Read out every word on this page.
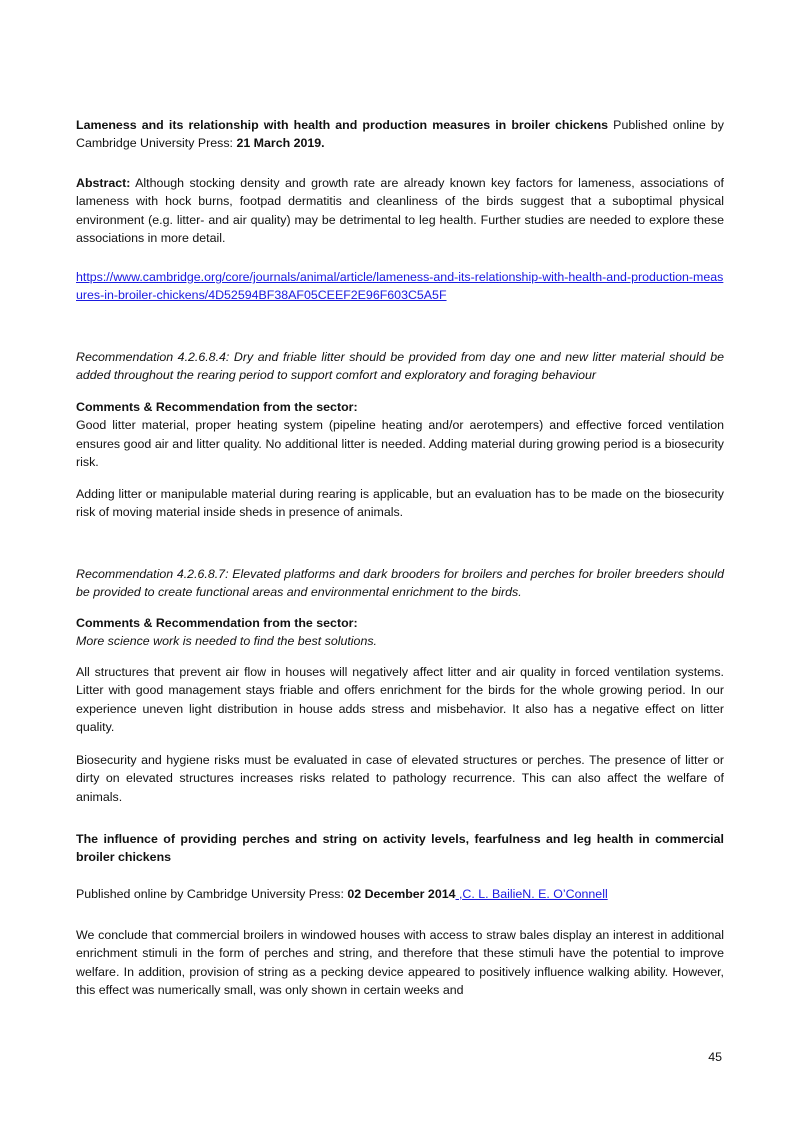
Lameness and its relationship with health and production measures in broiler chickens Published online by Cambridge University Press: 21 March 2019.
Abstract: Although stocking density and growth rate are already known key factors for lameness, associations of lameness with hock burns, footpad dermatitis and cleanliness of the birds suggest that a suboptimal physical environment (e.g. litter- and air quality) may be detrimental to leg health. Further studies are needed to explore these associations in more detail.
https://www.cambridge.org/core/journals/animal/article/lameness-and-its-relationship-with-health-and-production-measures-in-broiler-chickens/4D52594BF38AF05CEEF2E96F603C5A5F
Recommendation 4.2.6.8.4: Dry and friable litter should be provided from day one and new litter material should be added throughout the rearing period to support comfort and exploratory and foraging behaviour

Comments & Recommendation from the sector:

Good litter material, proper heating system (pipeline heating and/or aerotempers) and effective forced ventilation ensures good air and litter quality. No additional litter is needed. Adding material during growing period is a biosecurity risk.

Adding litter or manipulable material during rearing is applicable, but an evaluation has to be made on the biosecurity risk of moving material inside sheds in presence of animals.

Recommendation 4.2.6.8.7: Elevated platforms and dark brooders for broilers and perches for broiler breeders should be provided to create functional areas and environmental enrichment to the birds.

Comments & Recommendation from the sector:

More science work is needed to find the best solutions.

All structures that prevent air flow in houses will negatively affect litter and air quality in forced ventilation systems. Litter with good management stays friable and offers enrichment for the birds for the whole growing period. In our experience uneven light distribution in house adds stress and misbehavior. It also has a negative effect on litter quality.

Biosecurity and hygiene risks must be evaluated in case of elevated structures or perches. The presence of litter or dirty on elevated structures increases risks related to pathology recurrence. This can also affect the welfare of animals.

The influence of providing perches and string on activity levels, fearfulness and leg health in commercial broiler chickens
Published online by Cambridge University Press: 02 December 2014 ,C. L. BailieN. E. O’Connell

We conclude that commercial broilers in windowed houses with access to straw bales display an interest in additional enrichment stimuli in the form of perches and string, and therefore that these stimuli have the potential to improve welfare. In addition, provision of string as a pecking device appeared to positively influence walking ability. However, this effect was numerically small, was only shown in certain weeks and

45
